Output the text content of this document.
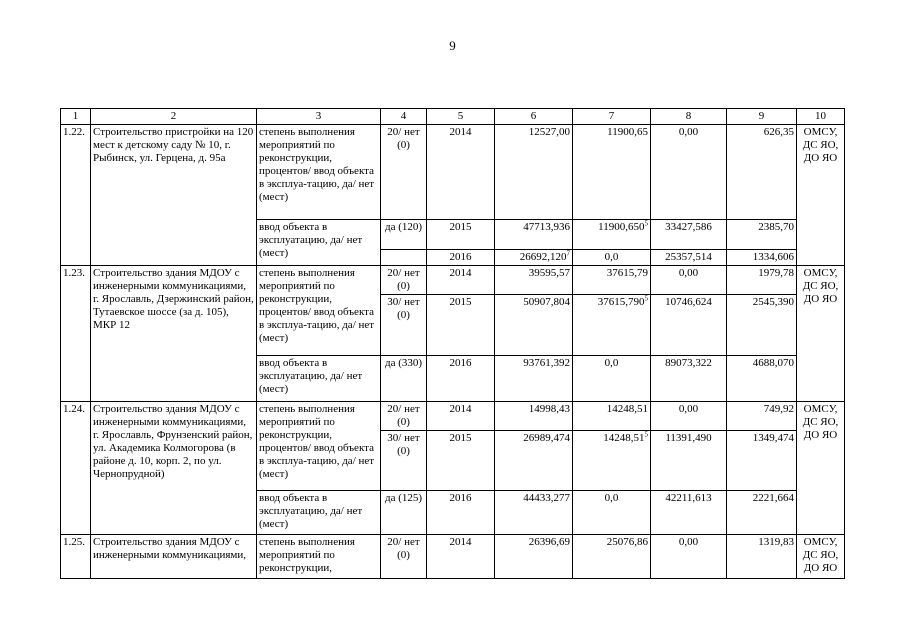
9
1	2	3	4	5	6	7	8	9	10
1.22.	Строительство пристройки на 120 мест к детскому саду № 10, г. Рыбинск, ул. Герцена, д. 95а	степень выполнения мероприятий по реконструкции, процентов/ ввод объекта в эксплуа-тацию, да/ нет (мест)	20/ нет (0)	2014	12527,00	11900,65	0,00	626,35	ОМСУ, ДС ЯО, ДО ЯО
		ввод объекта в эксплуатацию, да/ нет (мест)	да (120)	2015	47713,936	11900,650$^5$	33427,586	2385,70	
				2016	26692,120$^7$	0,0	25357,514	1334,606	
1.23.	Строительство здания МДОУ с инженерными коммуникациями, г. Ярославль, Дзержинский район, Тутаевское шоссе (за д. 105), МКР 12	степень выполнения мероприятий по реконструкции, процентов/ ввод объекта в эксплуа-тацию, да/ нет (мест)	20/ нет (0)	2014	39595,57	37615,79	0,00	1979,78	ОМСУ, ДС ЯО, ДО ЯО
			30/ нет (0)	2015	50907,804	37615,790$^5$	10746,624	2545,390	
		ввод объекта в эксплуатацию, да/ нет (мест)	да (330)	2016	93761,392	0,0	89073,322	4688,070	
1.24.	Строительство здания МДОУ с инженерными коммуникациями, г. Ярославль, Фрунзенский район, ул. Академика Колмогорова (в районе д. 10, корп. 2, по ул. Чернопрудной)	степень выполнения мероприятий по реконструкции, процентов/ ввод объекта в эксплуа-тацию, да/ нет (мест)	20/ нет (0)	2014	14998,43	14248,51	0,00	749,92	ОМСУ, ДС ЯО, ДО ЯО
			30/ нет (0)	2015	26989,474	14248,51$^5$	11391,490	1349,474	
		ввод объекта в эксплуатацию, да/ нет (мест)	да (125)	2016	44433,277	0,0	42211,613	2221,664	
1.25.	Строительство здания МДОУ с инженерными коммуникациями,	степень выполнения мероприятий по реконструкции,	20/ нет (0)	2014	26396,69	25076,86	0,00	1319,83	ОМСУ, ДС ЯО, ДО ЯО
